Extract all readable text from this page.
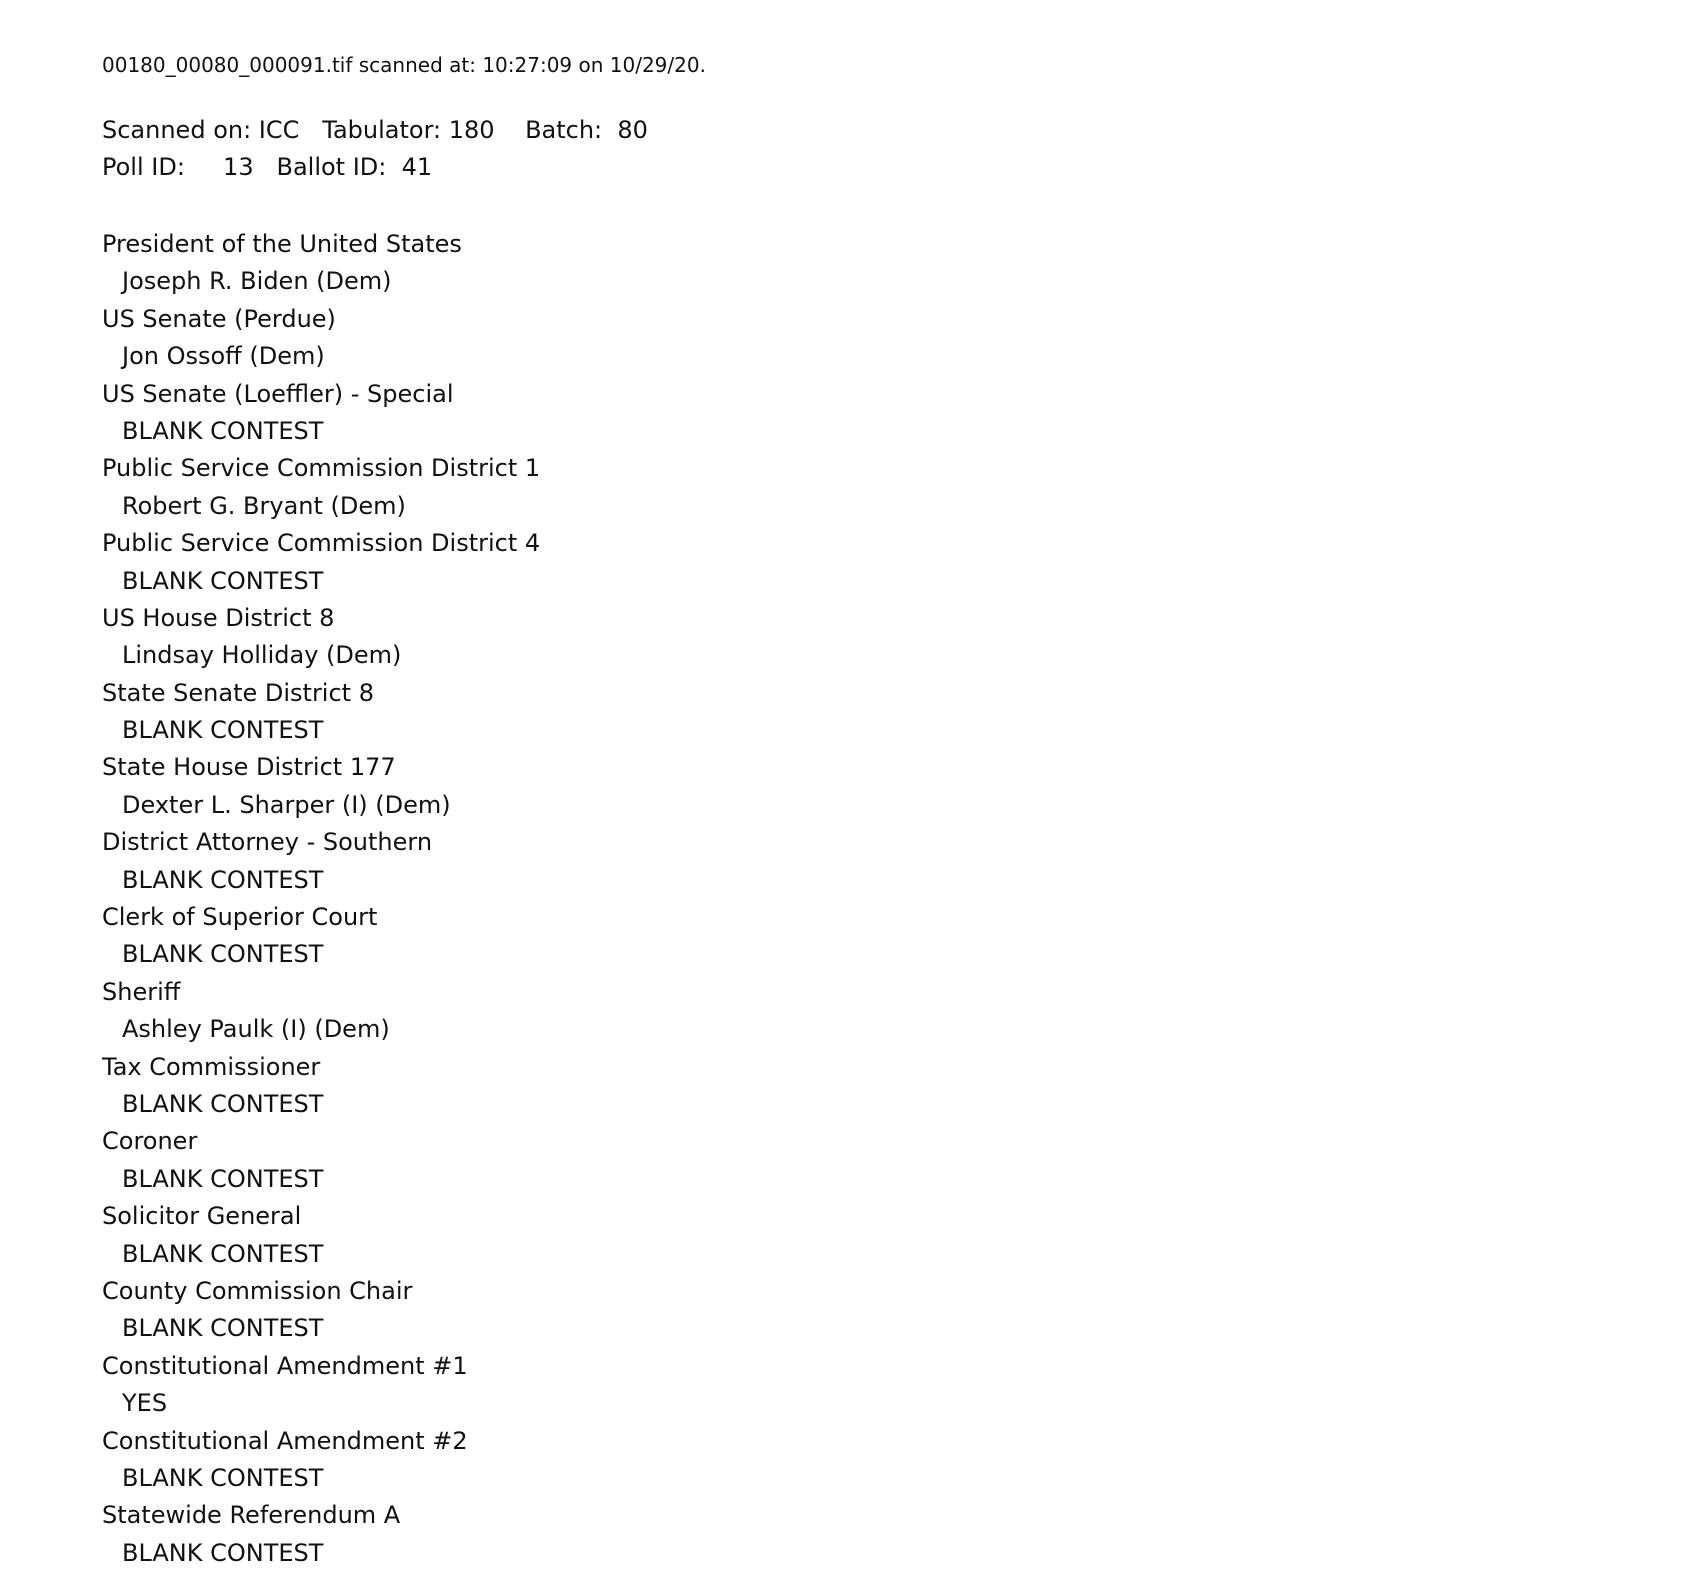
00180_00080_000091.tif scanned at: 10:27:09 on 10/29/20.
Scanned on: ICC   Tabulator: 180    Batch:  80
Poll ID:     13   Ballot ID:  41
President of the United States
Joseph R. Biden (Dem)
US Senate (Perdue)
Jon Ossoff (Dem)
US Senate (Loeffler) - Special
BLANK CONTEST
Public Service Commission District 1
Robert G. Bryant (Dem)
Public Service Commission District 4
BLANK CONTEST
US House District 8
Lindsay Holliday (Dem)
State Senate District 8
BLANK CONTEST
State House District 177
Dexter L. Sharper (I) (Dem)
District Attorney - Southern
BLANK CONTEST
Clerk of Superior Court
BLANK CONTEST
Sheriff
Ashley Paulk (I) (Dem)
Tax Commissioner
BLANK CONTEST
Coroner
BLANK CONTEST
Solicitor General
BLANK CONTEST
County Commission Chair
BLANK CONTEST
Constitutional Amendment #1
YES
Constitutional Amendment #2
BLANK CONTEST
Statewide Referendum A
BLANK CONTEST
